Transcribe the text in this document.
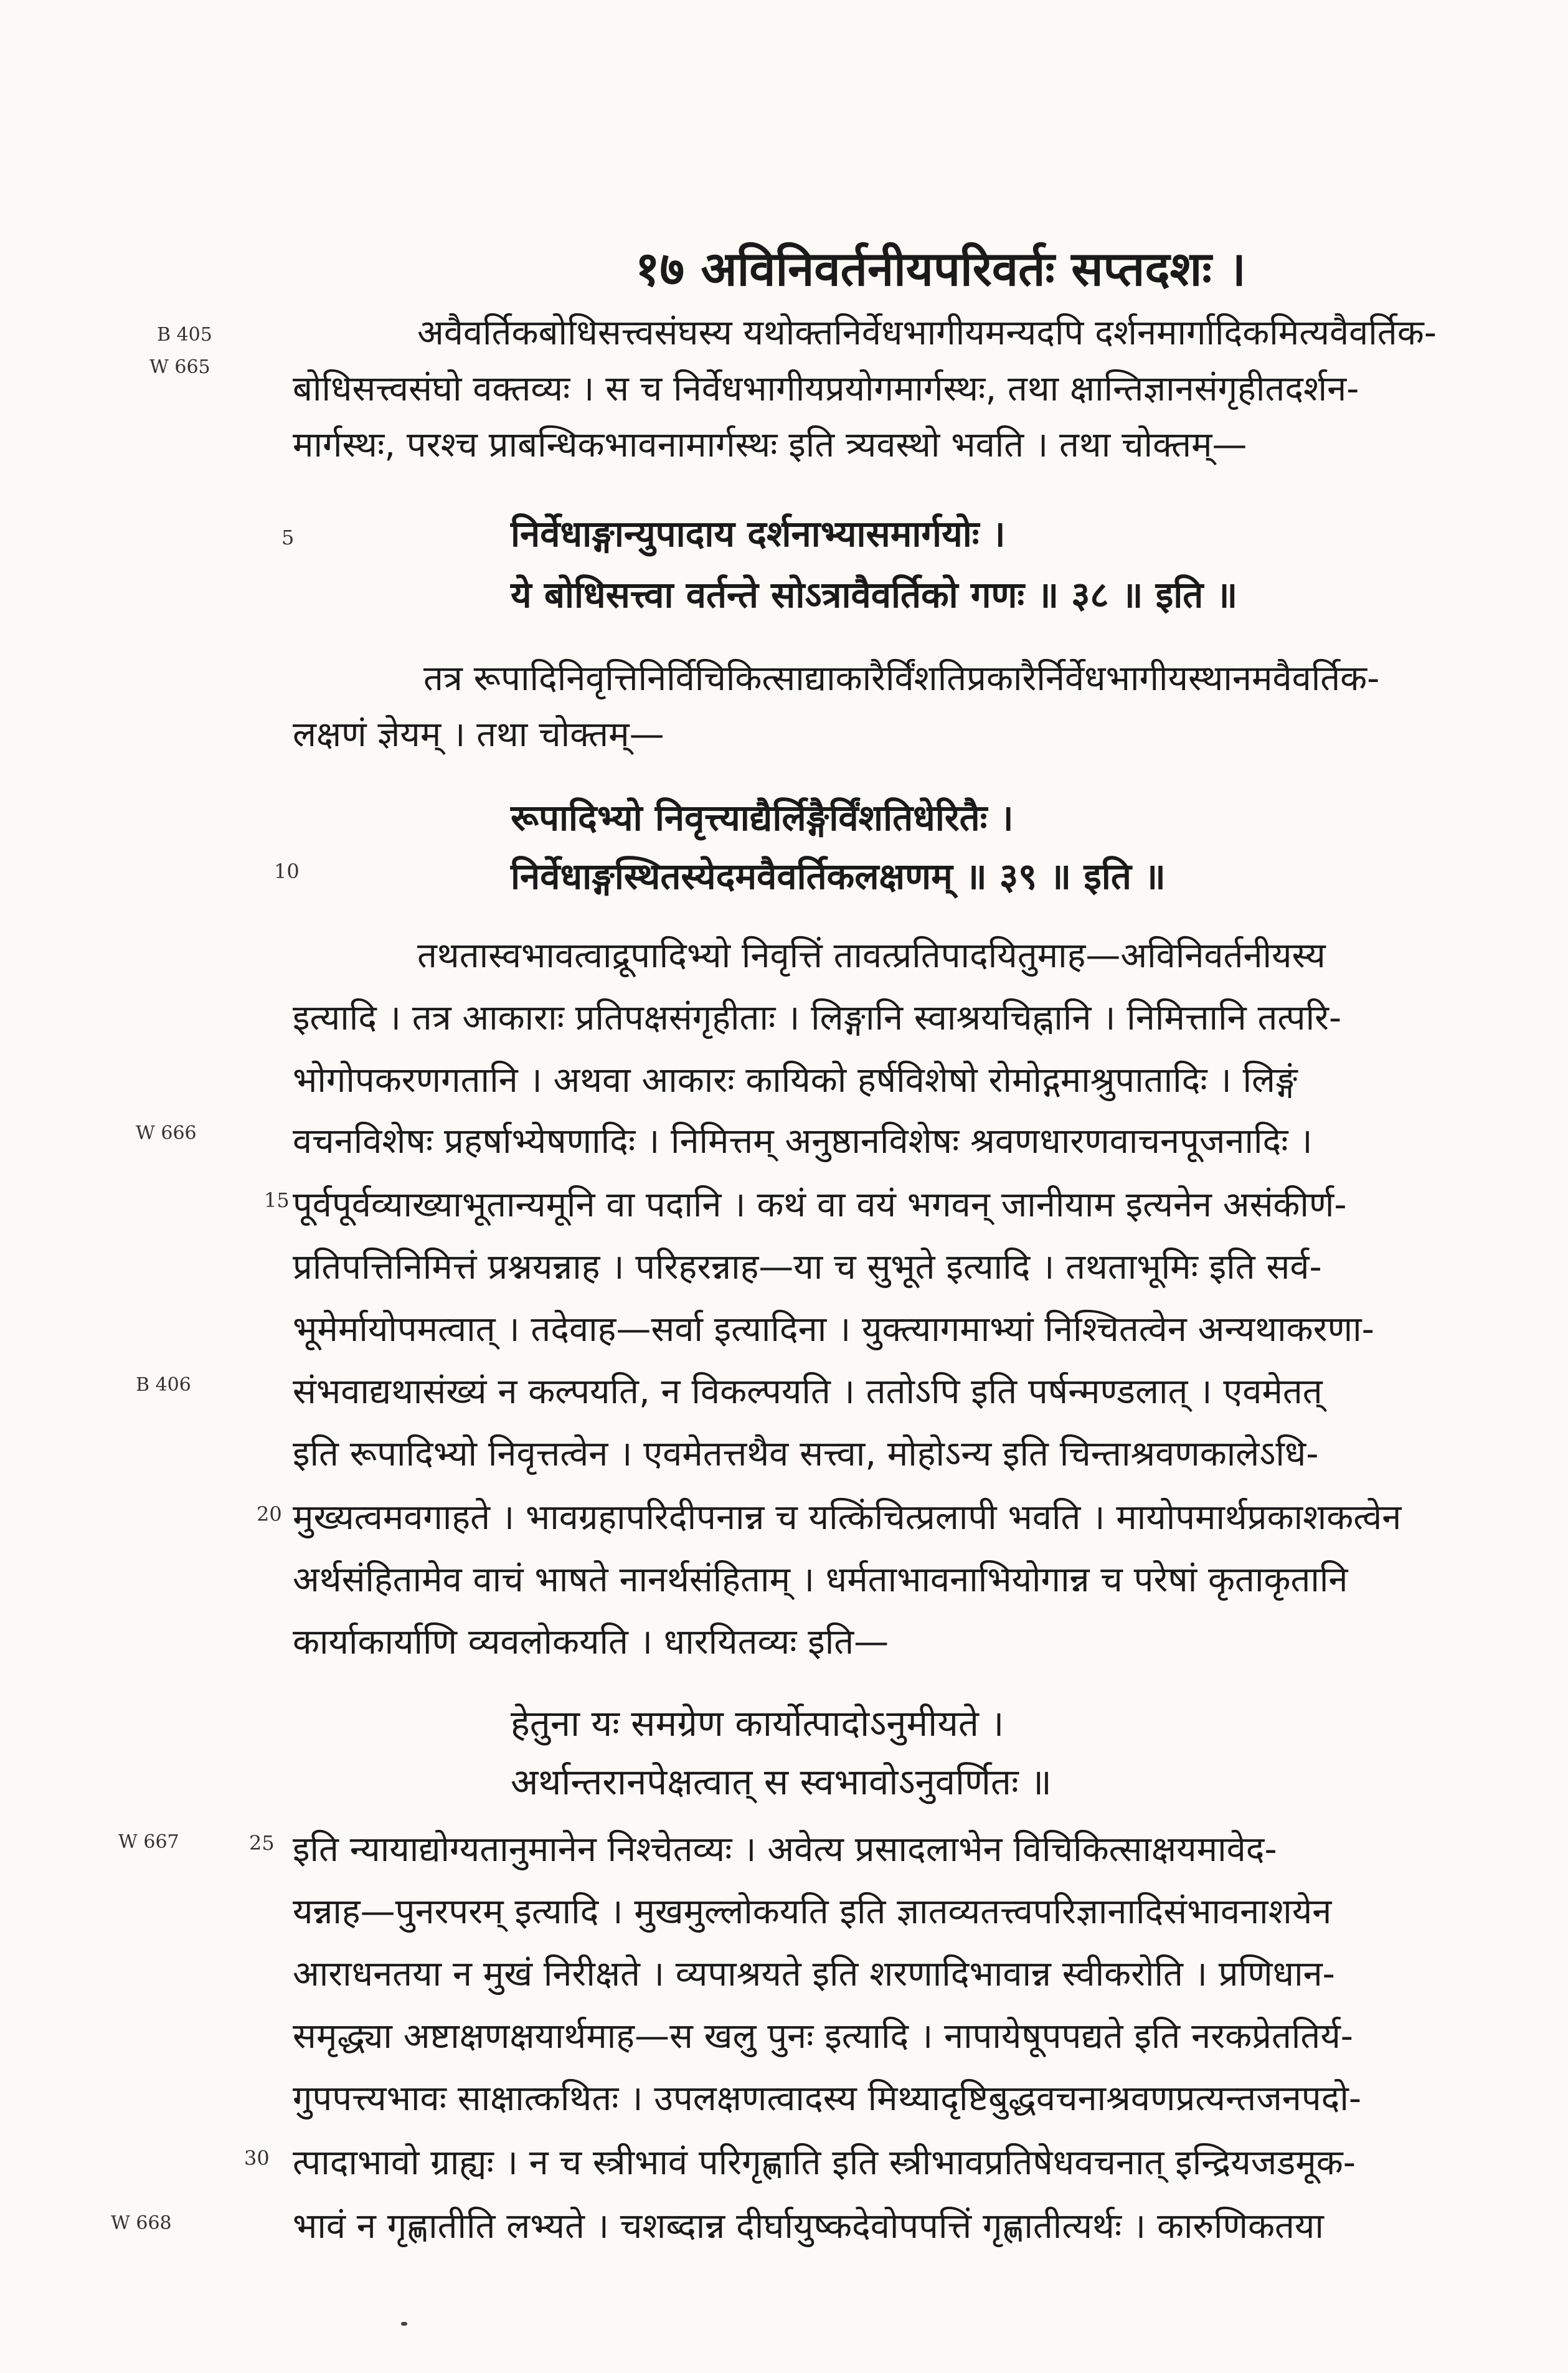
१७ अविनिवर्तनीयपरिवर्तः सप्तदशः ।
B 405
W 665
W 666
B 406
W 667
W 668
5
10
15
20
25
30
अवैवर्तिकबोधिसत्त्वसंघस्य यथोक्तनिर्वेधभागीयमन्यदपि दर्शनमार्गादिकमित्यवैवर्तिक-
बोधिसत्त्वसंघो वक्तव्यः । स च निर्वेधभागीयप्रयोगमार्गस्थः, तथा क्षान्तिज्ञानसंगृहीतदर्शन-
मार्गस्थः, परश्च प्राबन्धिकभावनामार्गस्थः इति त्र्यवस्थो भवति । तथा चोक्तम्—
निर्वेधाङ्गान्युपादाय दर्शनाभ्यासमार्गयोः ।
ये बोधिसत्त्वा वर्तन्ते सोऽत्रावैवर्तिको गणः ॥ ३८ ॥ इति ॥
तत्र रूपादिनिवृत्तिनिर्विचिकित्साद्याकारैर्विंशतिप्रकारैर्निर्वेधभागीयस्थानमवैवर्तिक-
लक्षणं ज्ञेयम् । तथा चोक्तम्—
रूपादिभ्यो निवृत्त्याद्यैर्लिङ्गैर्विंशतिधेरितैः ।
निर्वेधाङ्गस्थितस्येदमवैवर्तिकलक्षणम् ॥ ३९ ॥ इति ॥
तथतास्वभावत्वाद्रूपादिभ्यो निवृत्तिं तावत्प्रतिपादयितुमाह—अविनिवर्तनीयस्य
इत्यादि । तत्र आकाराः प्रतिपक्षसंगृहीताः । लिङ्गानि स्वाश्रयचिह्नानि । निमित्तानि तत्परि-
भोगोपकरणगतानि । अथवा आकारः कायिको हर्षविशेषो रोमोद्गमाश्रुपातादिः । लिङ्गं
वचनविशेषः प्रहर्षाभ्येषणादिः । निमित्तम् अनुष्ठानविशेषः श्रवणधारणवाचनपूजनादिः ।
पूर्वपूर्वव्याख्याभूतान्यमूनि वा पदानि । कथं वा वयं भगवन् जानीयाम इत्यनेन असंकीर्ण-
प्रतिपत्तिनिमित्तं प्रश्नयन्नाह । परिहरन्नाह—या च सुभूते इत्यादि । तथताभूमिः इति सर्व-
भूमेर्मायोपमत्वात् । तदेवाह—सर्वा इत्यादिना । युक्त्यागमाभ्यां निश्चितत्वेन अन्यथाकरणा-
संभवाद्यथासंख्यं न कल्पयति, न विकल्पयति । ततोऽपि इति पर्षन्मण्डलात् । एवमेतत्
इति रूपादिभ्यो निवृत्तत्वेन । एवमेतत्तथैव सत्त्वा, मोहोऽन्य इति चिन्ताश्रवणकालेऽधि-
मुख्यत्वमवगाहते । भावग्रहापरिदीपनान्न च यत्किंचित्प्रलापी भवति । मायोपमार्थप्रकाशकत्वेन
अर्थसंहितामेव वाचं भाषते नानर्थसंहिताम् । धर्मताभावनाभियोगान्न च परेषां कृताकृतानि
कार्याकार्याणि व्यवलोकयति । धारयितव्यः इति—
हेतुना यः समग्रेण कार्योत्पादोऽनुमीयते ।
अर्थान्तरानपेक्षत्वात् स स्वभावोऽनुवर्णितः ॥
इति न्यायाद्योग्यतानुमानेन निश्चेतव्यः । अवेत्य प्रसादलाभेन विचिकित्साक्षयमावेद-
यन्नाह—पुनरपरम् इत्यादि । मुखमुल्लोकयति इति ज्ञातव्यतत्त्वपरिज्ञानादिसंभावनाशयेन
आराधनतया न मुखं निरीक्षते । व्यपाश्रयते इति शरणादिभावान्न स्वीकरोति । प्रणिधान-
समृद्ध्या अष्टाक्षणक्षयार्थमाह—स खलु पुनः इत्यादि । नापायेषूपपद्यते इति नरकप्रेततिर्य-
गुपपत्त्यभावः साक्षात्कथितः । उपलक्षणत्वादस्य मिथ्यादृष्टिबुद्धवचनाश्रवणप्रत्यन्तजनपदो-
त्पादाभावो ग्राह्यः । न च स्त्रीभावं परिगृह्णाति इति स्त्रीभावप्रतिषेधवचनात् इन्द्रियजडमूक-
भावं न गृह्णातीति लभ्यते । चशब्दान्न दीर्घायुष्कदेवोपपत्तिं गृह्णातीत्यर्थः । कारुणिकतया
